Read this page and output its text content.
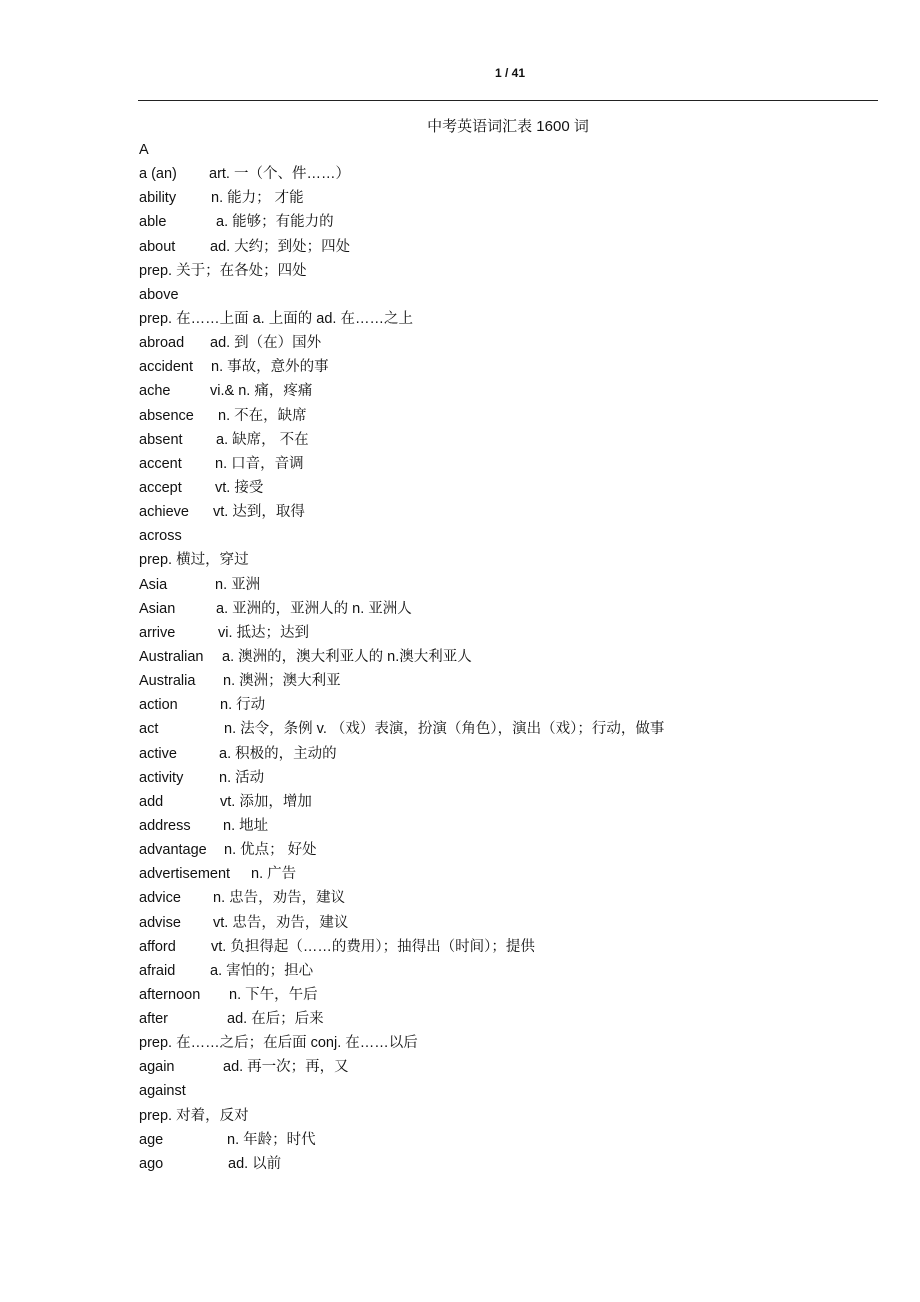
1 / 41
中考英语词汇表 1600 词
A
a (an) art. 一（个、件……）
ability n. 能力； 才能
able	a. 能够；有能力的
about ad. 大约；到处；四处
prep. 关于；在各处；四处
above
prep. 在……上面 a. 上面的 ad. 在……之上
abroad ad. 到（在）国外
accident n. 事故，意外的事
ache	vi.& n. 痛，疼痛
absence n. 不在，缺席
absent a. 缺席， 不在
accent n. 口音，音调
accept vt. 接受
achieve vt. 达到，取得
across
prep. 横过，穿过
Asia	n. 亚洲
Asian	a. 亚洲的，亚洲人的 n. 亚洲人
arrive	vi. 抵达；达到
Australian a. 澳洲的，澳大利亚人的 n.澳大利亚人
Australia n. 澳洲；澳大利亚
action	n. 行动
act	n. 法令，条例 v. （戏）表演，扮演（角色），演出（戏）；行动，做事
active	a. 积极的，主动的
activity n. 活动
add	vt. 添加，增加
address n. 地址
advantage n. 优点； 好处
advertisement n. 广告
advice n. 忠告，劝告，建议
advise vt. 忠告，劝告，建议
afford vt. 负担得起（……的费用）；抽得出（时间）；提供
afraid a. 害怕的；担心
afternoon n. 下午，午后
after	ad. 在后；后来
prep. 在……之后；在后面 conj. 在……以后
again	ad. 再一次；再，又
against
prep. 对着，反对
age	n. 年龄；时代
ago	ad. 以前
